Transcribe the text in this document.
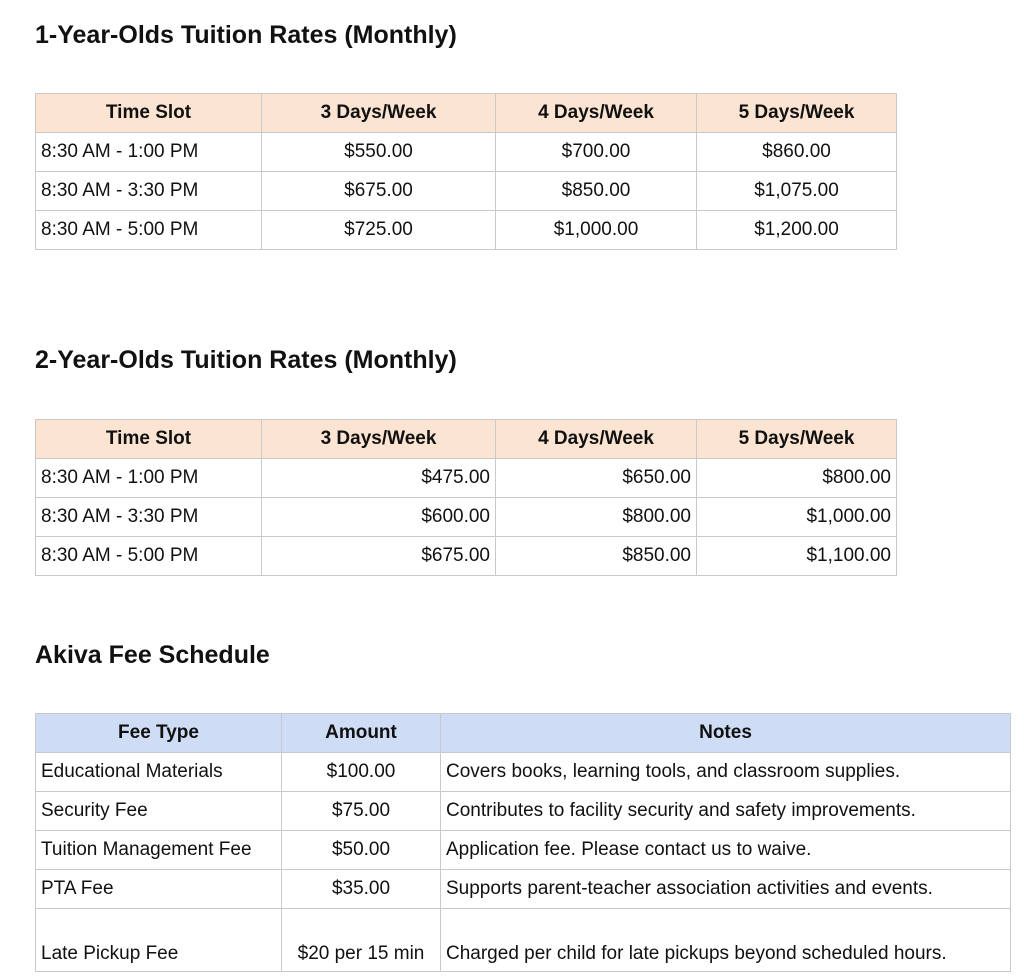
1-Year-Olds Tuition Rates (Monthly)
Time Slot	3 Days/Week	4 Days/Week	5 Days/Week
8:30 AM - 1:00 PM	$550.00	$700.00	$860.00
8:30 AM - 3:30 PM	$675.00	$850.00	$1,075.00
8:30 AM - 5:00 PM	$725.00	$1,000.00	$1,200.00
2-Year-Olds Tuition Rates (Monthly)
Time Slot	3 Days/Week	4 Days/Week	5 Days/Week
8:30 AM - 1:00 PM	$475.00	$650.00	$800.00
8:30 AM - 3:30 PM	$600.00	$800.00	$1,000.00
8:30 AM - 5:00 PM	$675.00	$850.00	$1,100.00
Akiva Fee Schedule
Fee Type	Amount	Notes
Educational Materials	$100.00	Covers books, learning tools, and classroom supplies.
Security Fee	$75.00	Contributes to facility security and safety improvements.
Tuition Management Fee	$50.00	Application fee. Please contact us to waive.
PTA Fee	$35.00	Supports parent-teacher association activities and events.
Late Pickup Fee	$20 per 15 min	Charged per child for late pickups beyond scheduled hours.
